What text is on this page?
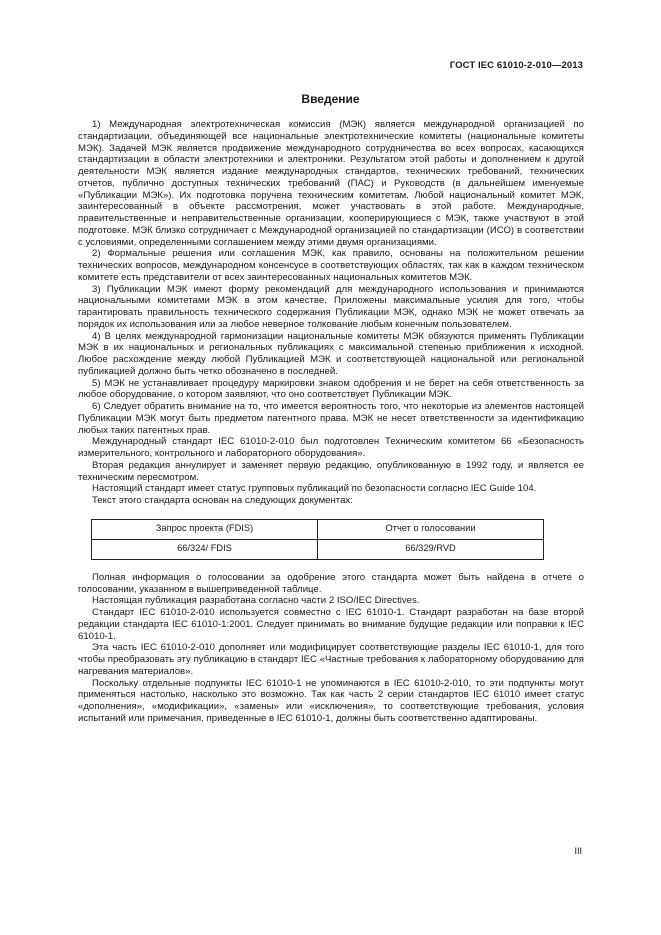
ГОСТ IEC 61010-2-010—2013
Введение

1) Международная электротехническая комиссия (МЭК) является международной организацией по стандартизации, объединяющей все национальные электротехнические комитеты (национальные комитеты МЭК). Задачей МЭК является продвижение международного сотрудничества во всех вопросах, касающихся стандартизации в области электротехники и электроники. Результатом этой работы и дополнением к другой деятельности МЭК является издание международных стандартов, технических требований, технических отчетов, публично доступных технических требований (ПАС) и Руководств (в дальнейшем именуемые «Публикации МЭК»). Их подготовка поручена техническим комитетам. Любой национальный комитет МЭК, заинтересованный в объекте рассмотрения, может участвовать в этой работе. Международные, правительственные и неправительственные организации, кооперирующиеся с МЭК, также участвуют в этой подготовке. МЭК близко сотрудничает с Международной организацией по стандартизации (ИСО) в соответствии с условиями, определенными соглашением между этими двумя организациями.

2) Формальные решения или соглашения МЭК, как правило, основаны на положительном решении технических вопросов, международном консенсусе в соответствующих областях, так как в каждом техническом комитете есть представители от всех заинтересованных национальных комитетов МЭК.

3) Публикации МЭК имеют форму рекомендаций для международного использования и принимаются национальными комитетами МЭК в этом качестве. Приложены максимальные усилия для того, чтобы гарантировать правильность технического содержания Публикации МЭК, однако МЭК не может отвечать за порядок их использования или за любое неверное толкование любым конечным пользователем.

4) В целях международной гармонизации национальные комитеты МЭК обязуются применять Публикации МЭК в их национальных и региональных публикациях с максимальной степенью приближения к исходной. Любое расхождение между любой Публикацией МЭК и соответствующей национальной или региональной публикацией должно быть четко обозначено в последней.

5) МЭК не устанавливает процедуру маркировки знаком одобрения и не берет на себя ответственность за любое оборудование, о котором заявляют, что оно соответствует Публикации МЭК.

6) Следует обратить внимание на то, что имеется вероятность того, что некоторые из элементов настоящей Публикации МЭК могут быть предметом патентного права. МЭК не несет ответственности за идентификацию любых таких патентных прав.

Международный стандарт IEC 61010-2-010 был подготовлен Техническим комитетом 66 «Безопасность измерительного, контрольного и лабораторного оборудования».

Вторая редакция аннулирует и заменяет первую редакцию, опубликованную в 1992 году, и является ее техническим пересмотром.

Настоящий стандарт имеет статус групповых публикаций по безопасности согласно IEC Guide 104.

Текст этого стандарта основан на следующих документах:

Запрос проекта (FDIS)	Отчет о голосовании
66/324/ FDIS	66/329/RVD

Полная информация о голосовании за одобрение этого стандарта может быть найдена в отчете о голосовании, указанном в вышеприведенной таблице.

Настоящая публикация разработана согласно части 2 ISO/IEC Directives.

Стандарт IEC 61010-2-010 используется совместно с IEC 61010-1. Стандарт разработан на базе второй редакции стандарта IEC 61010-1:2001. Следует принимать во внимание будущие редакции или поправки к IEC 61010-1.

Эта часть IEC 61010-2-010 дополняет или модифицирует соответствующие разделы IEC 61010-1, для того чтобы преобразовать эту публикацию в стандарт IEC «Частные требования к лабораторному оборудованию для нагревания материалов».

Поскольку отдельные подпункты IEC 61010-1 не упоминаются в IEC 61010-2-010, то эти подпункты могут применяться настолько, насколько это возможно. Так как часть 2 серии стандартов IEC 61010 имеет статус «дополнения», «модификации», «замены» или «исключения», то соответствующие требования, условия испытаний или примечания, приведенные в IEC 61010-1, должны быть соответственно адаптированы.

III
